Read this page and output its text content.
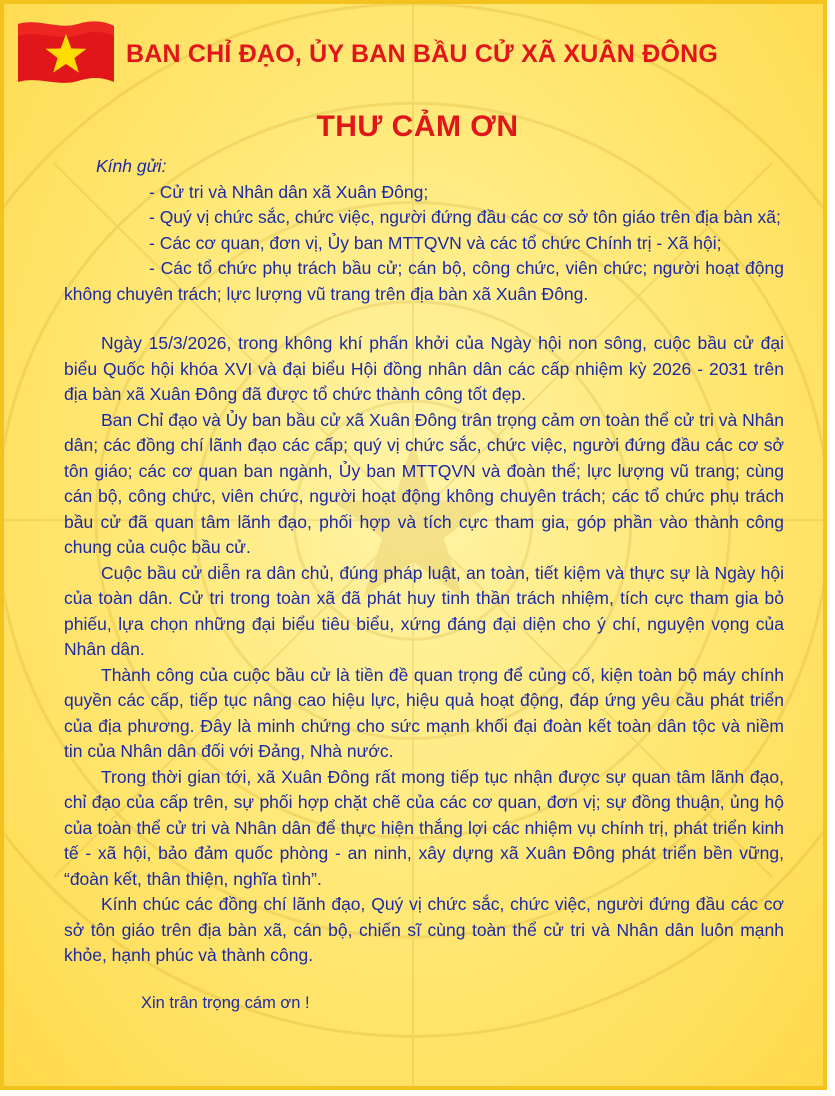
BAN CHỈ ĐẠO, ỦY BAN BẦU CỬ XÃ XUÂN ĐÔNG
THƯ CẢM ƠN

Kính gửi:

- Cử tri và Nhân dân xã Xuân Đông;

- Quý vị chức sắc, chức việc, người đứng đầu các cơ sở tôn giáo trên địa bàn xã;

- Các cơ quan, đơn vị, Ủy ban MTTQVN và các tổ chức Chính trị - Xã hội;

- Các tổ chức phụ trách bầu cử; cán bộ, công chức, viên chức; người hoạt động không chuyên trách; lực lượng vũ trang trên địa bàn xã Xuân Đông.

Ngày 15/3/2026, trong không khí phấn khởi của Ngày hội non sông, cuộc bầu cử đại biểu Quốc hội khóa XVI và đại biểu Hội đồng nhân dân các cấp nhiệm kỳ 2026 - 2031 trên địa bàn xã Xuân Đông đã được tổ chức thành công tốt đẹp.

Ban Chỉ đạo và Ủy ban bầu cử xã Xuân Đông trân trọng cảm ơn toàn thể cử tri và Nhân dân; các đồng chí lãnh đạo các cấp; quý vị chức sắc, chức việc, người đứng đầu các cơ sở tôn giáo; các cơ quan ban ngành, Ủy ban MTTQVN và đoàn thể; lực lượng vũ trang; cùng cán bộ, công chức, viên chức, người hoạt động không chuyên trách; các tổ chức phụ trách bầu cử đã quan tâm lãnh đạo, phối hợp và tích cực tham gia, góp phần vào thành công chung của cuộc bầu cử.

Cuộc bầu cử diễn ra dân chủ, đúng pháp luật, an toàn, tiết kiệm và thực sự là Ngày hội của toàn dân. Cử tri trong toàn xã đã phát huy tinh thần trách nhiệm, tích cực tham gia bỏ phiếu, lựa chọn những đại biểu tiêu biểu, xứng đáng đại diện cho ý chí, nguyện vọng của Nhân dân.

Thành công của cuộc bầu cử là tiền đề quan trọng để củng cố, kiện toàn bộ máy chính quyền các cấp, tiếp tục nâng cao hiệu lực, hiệu quả hoạt động, đáp ứng yêu cầu phát triển của địa phương. Đây là minh chứng cho sức mạnh khối đại đoàn kết toàn dân tộc và niềm tin của Nhân dân đối với Đảng, Nhà nước.

Trong thời gian tới, xã Xuân Đông rất mong tiếp tục nhận được sự quan tâm lãnh đạo, chỉ đạo của cấp trên, sự phối hợp chặt chẽ của các cơ quan, đơn vị; sự đồng thuận, ủng hộ của toàn thể cử tri và Nhân dân để thực hiện thắng lợi các nhiệm vụ chính trị, phát triển kinh tế - xã hội, bảo đảm quốc phòng - an ninh, xây dựng xã Xuân Đông phát triển bền vững, “đoàn kết, thân thiện, nghĩa tình”.

Kính chúc các đồng chí lãnh đạo, Quý vị chức sắc, chức việc, người đứng đầu các cơ sở tôn giáo trên địa bàn xã, cán bộ, chiến sĩ cùng toàn thể cử tri và Nhân dân luôn mạnh khỏe, hạnh phúc và thành công.

Xin trân trọng cám ơn !
